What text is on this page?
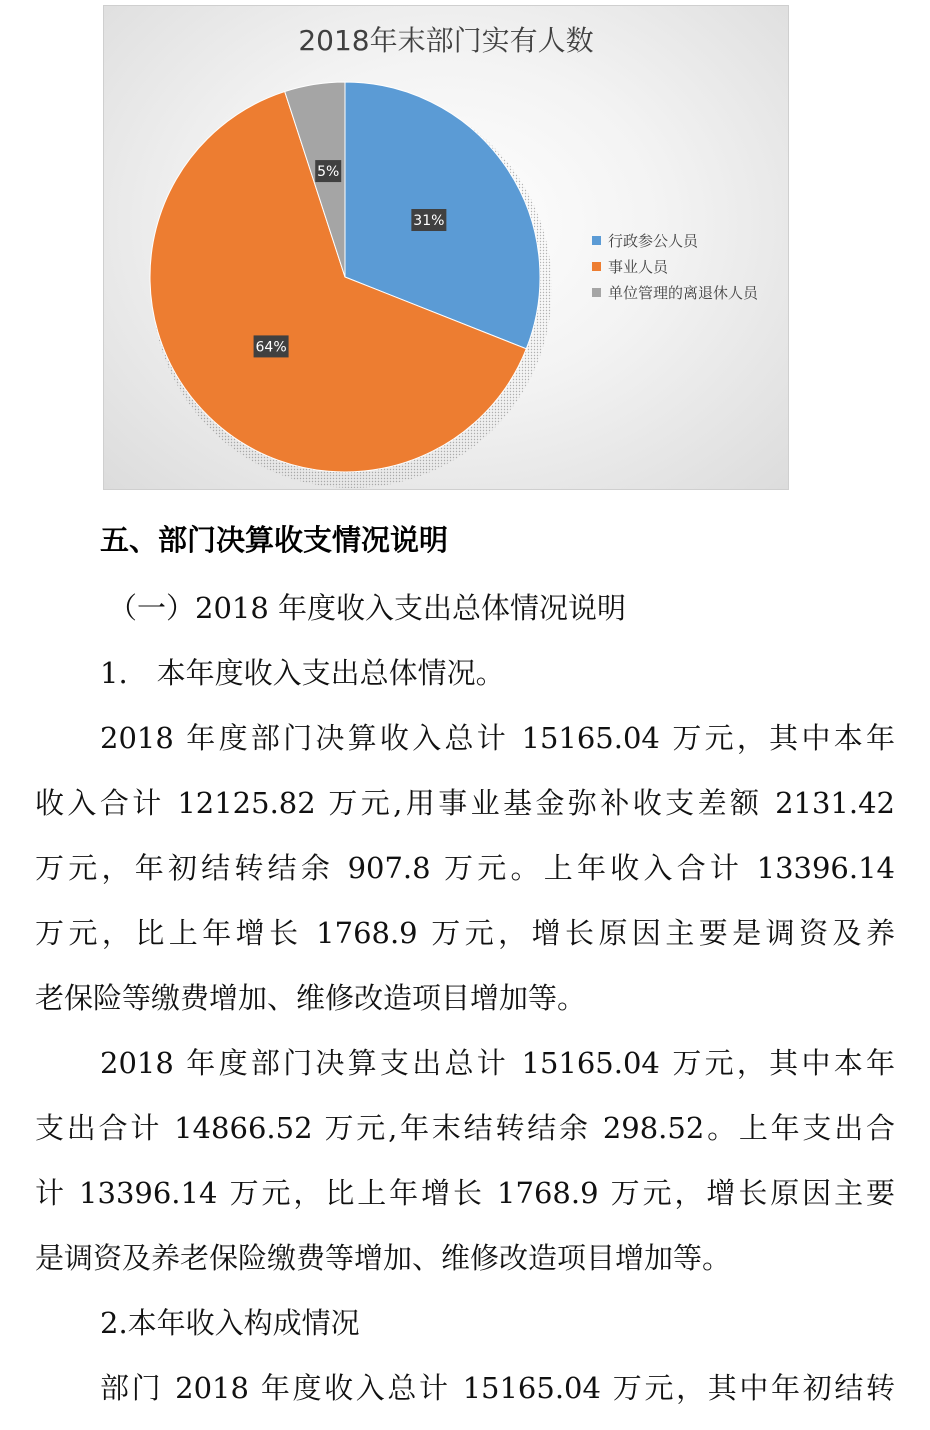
2018年末部门实有人数
31%
64%
5%
行政参公人员
事业人员
单位管理的离退休人员
五、部门决算收支情况说明

（一）2018 年度收入支出总体情况说明

1.　本年度收入支出总体情况。

2018 年度部门决算收入总计 15165.04 万元，其中本年

收入合计 12125.82 万元,用事业基金弥补收支差额 2131.42

万元，年初结转结余 907.8 万元。上年收入合计 13396.14

万元，比上年增长 1768.9 万元，增长原因主要是调资及养

老保险等缴费增加、维修改造项目增加等。

2018 年度部门决算支出总计 15165.04 万元，其中本年

支出合计 14866.52 万元,年末结转结余 298.52。上年支出合

计 13396.14 万元，比上年增长 1768.9 万元，增长原因主要

是调资及养老保险缴费等增加、维修改造项目增加等。

2.本年收入构成情况

部门 2018 年度收入总计 15165.04 万元，其中年初结转
